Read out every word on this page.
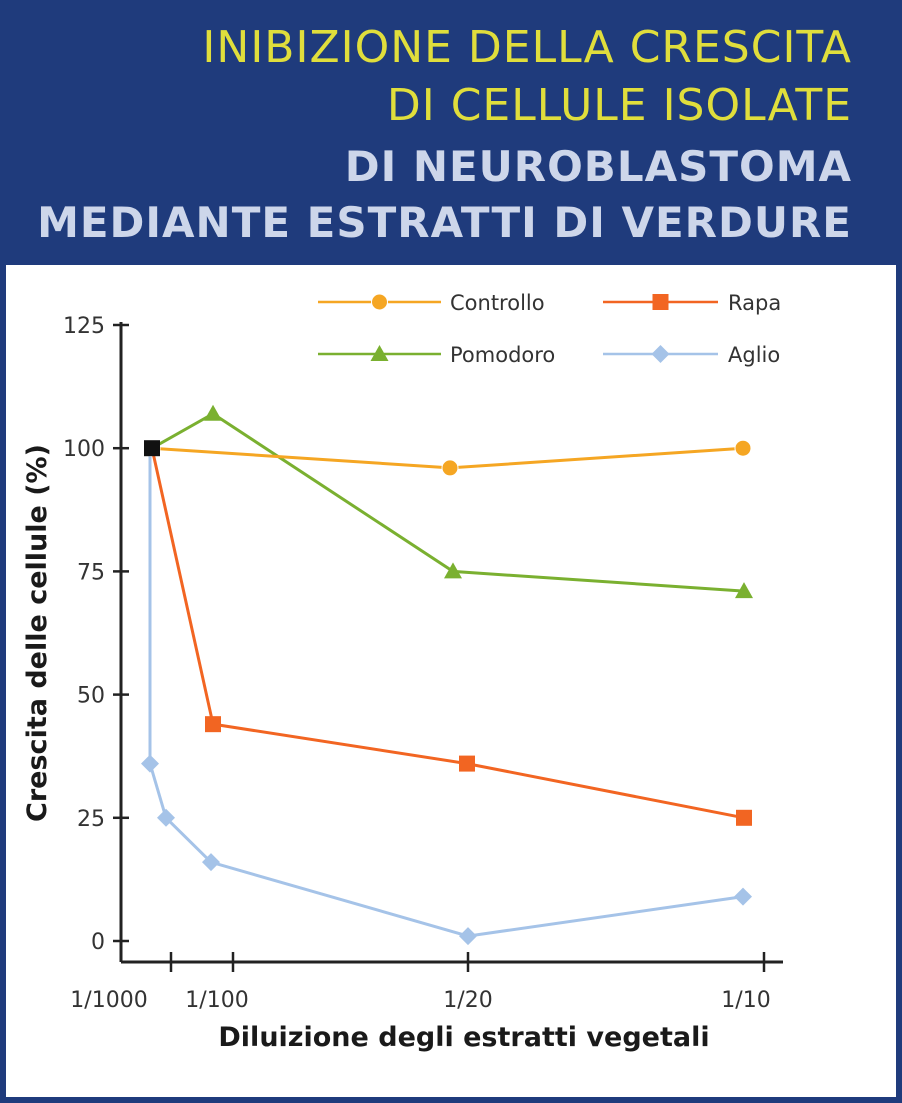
INIBIZIONE DELLA CRESCITA
DI CELLULE ISOLATE
DI NEUROBLASTOMA
MEDIANTE ESTRATTI DI VERDURE
0
25
50
75
100
125
1/1000 1/100	1/20	1/10
Diluizione degli estratti vegetali
Crescita delle cellule (%)
Controllo	Rapa
Pomodoro	Aglio
